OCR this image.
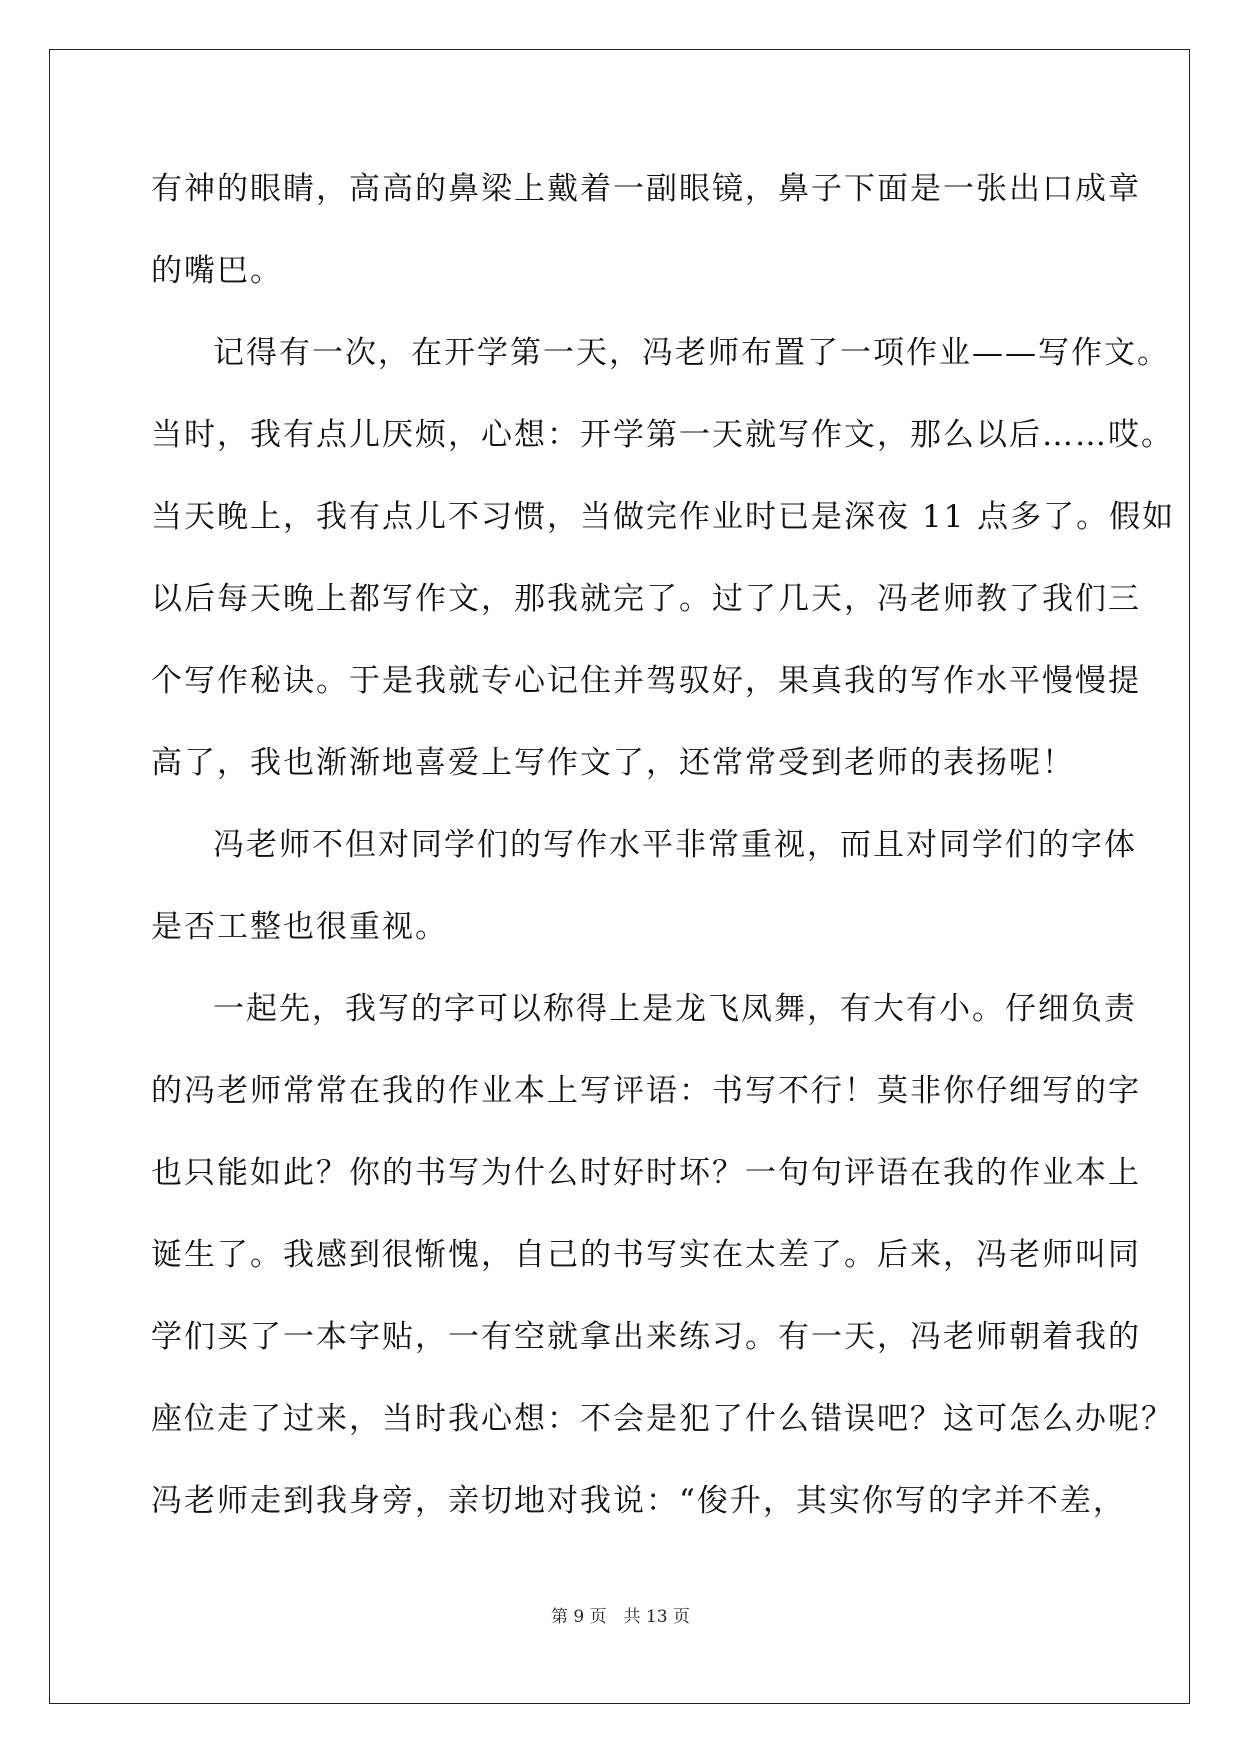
有神的眼睛，高高的鼻梁上戴着一副眼镜，鼻子下面是一张出口成章
的嘴巴。
记得有一次，在开学第一天，冯老师布置了一项作业——写作文。
当时，我有点儿厌烦，心想：开学第一天就写作文，那么以后……哎。
当天晚上，我有点儿不习惯，当做完作业时已是深夜 11 点多了。假如
以后每天晚上都写作文，那我就完了。过了几天，冯老师教了我们三
个写作秘诀。于是我就专心记住并驾驭好，果真我的写作水平慢慢提
高了，我也渐渐地喜爱上写作文了，还常常受到老师的表扬呢！
冯老师不但对同学们的写作水平非常重视，而且对同学们的字体
是否工整也很重视。
一起先，我写的字可以称得上是龙飞凤舞，有大有小。仔细负责
的冯老师常常在我的作业本上写评语：书写不行！莫非你仔细写的字
也只能如此？你的书写为什么时好时坏？一句句评语在我的作业本上
诞生了。我感到很惭愧，自己的书写实在太差了。后来，冯老师叫同
学们买了一本字贴，一有空就拿出来练习。有一天，冯老师朝着我的
座位走了过来，当时我心想：不会是犯了什么错误吧？这可怎么办呢？
冯老师走到我身旁，亲切地对我说：“俊升，其实你写的字并不差，
第 9 页　共 13 页
